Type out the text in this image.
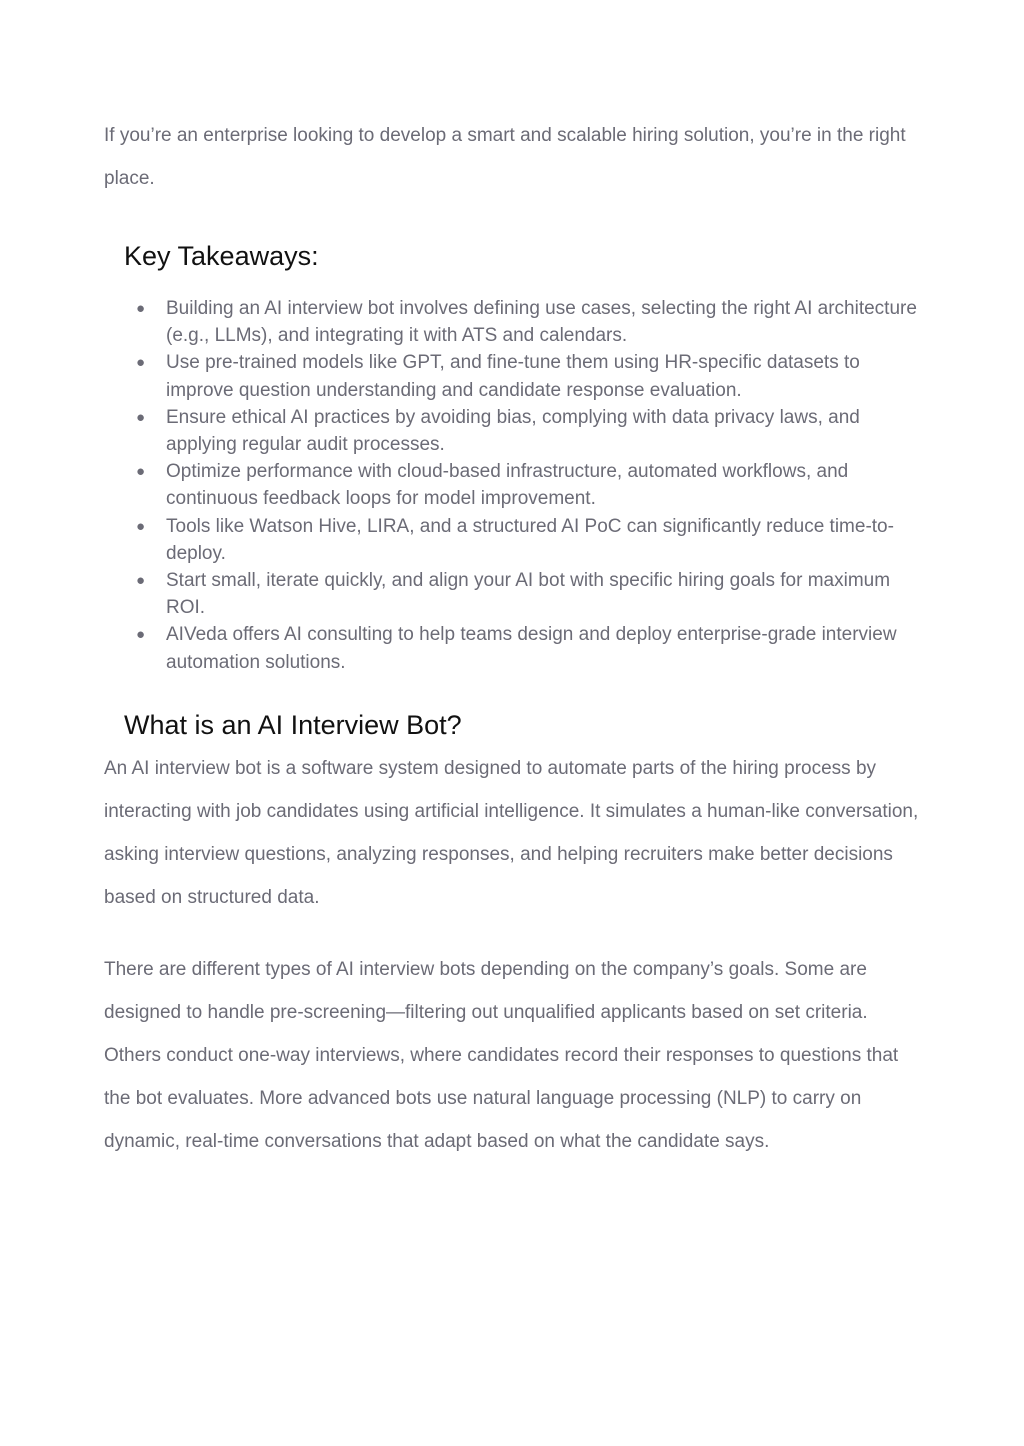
If you’re an enterprise looking to develop a smart and scalable hiring solution, you’re in the right place.

Key Takeaways:
● Building an AI interview bot involves defining use cases, selecting the right AI architecture (e.g., LLMs), and integrating it with ATS and calendars.
● Use pre-trained models like GPT, and fine-tune them using HR-specific datasets to improve question understanding and candidate response evaluation.
● Ensure ethical AI practices by avoiding bias, complying with data privacy laws, and applying regular audit processes.
● Optimize performance with cloud-based infrastructure, automated workflows, and continuous feedback loops for model improvement.
● Tools like Watson Hive, LIRA, and a structured AI PoC can significantly reduce time-to-deploy.
● Start small, iterate quickly, and align your AI bot with specific hiring goals for maximum ROI.
● AIVeda offers AI consulting to help teams design and deploy enterprise-grade interview automation solutions.
What is an AI Interview Bot?

An AI interview bot is a software system designed to automate parts of the hiring process by interacting with job candidates using artificial intelligence. It simulates a human-like conversation, asking interview questions, analyzing responses, and helping recruiters make better decisions based on structured data.

There are different types of AI interview bots depending on the company’s goals. Some are designed to handle pre-screening—filtering out unqualified applicants based on set criteria. Others conduct one-way interviews, where candidates record their responses to questions that the bot evaluates. More advanced bots use natural language processing (NLP) to carry on dynamic, real-time conversations that adapt based on what the candidate says.
